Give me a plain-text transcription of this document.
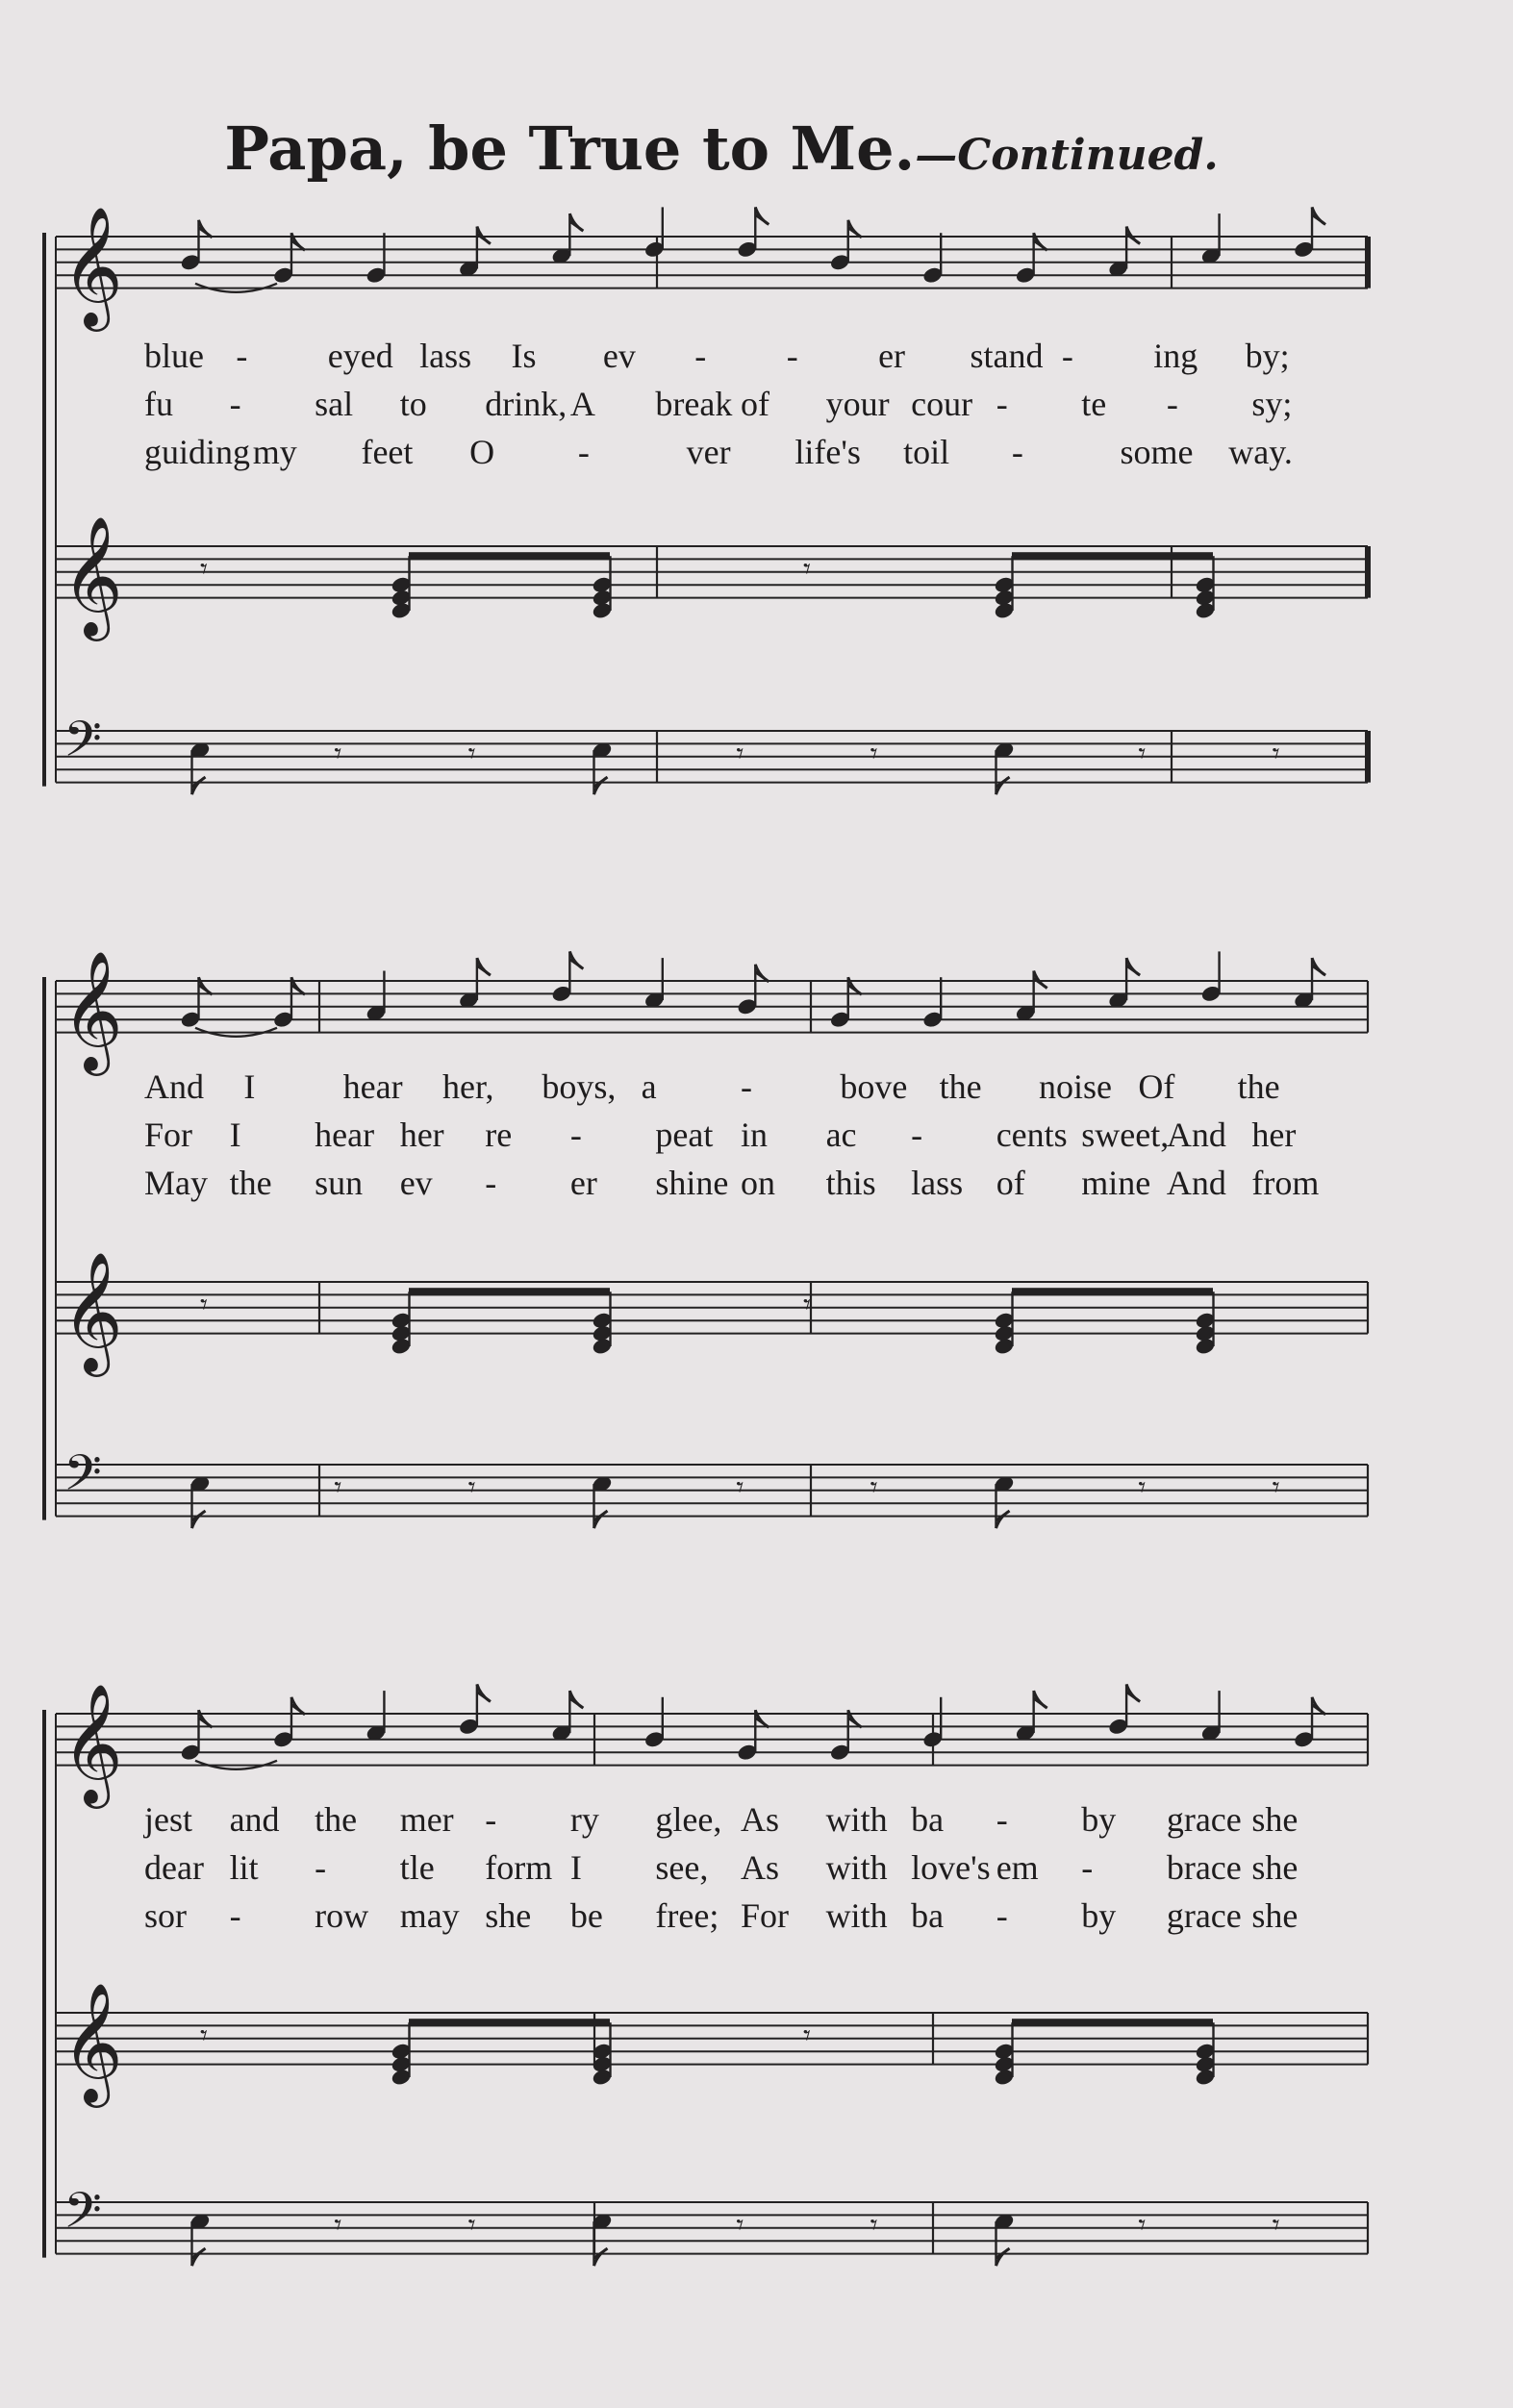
Papa, be True to Me.—Continued.
𝄞
𝄞
𝄢
𝄾	𝄾
𝄾	𝄾	𝄾	𝄾	𝄾	𝄾
𝄞
𝄞
𝄢
𝄾	𝄾
𝄾	𝄾	𝄾	𝄾	𝄾	𝄾
𝄞
𝄞
𝄢
𝄾	𝄾
𝄾	𝄾	𝄾	𝄾	𝄾	𝄾
blue - eyed lass Is ev - - er stand - ing by;
fu - sal to drink, A break of your cour - te - sy;
guiding my feet O -	ver life's toil -	some way.
And I	hear her, boys, a -	bove the noise Of the
For I hear her re - peat in ac - cents sweet,
And her
May the sun ev - er shine on this lass of mine And from
jest and the mer - ry glee, As with ba - by grace she
dear lit - tle form I see, As with love's em - brace she
sor - row may she be free; For with ba - by grace she
